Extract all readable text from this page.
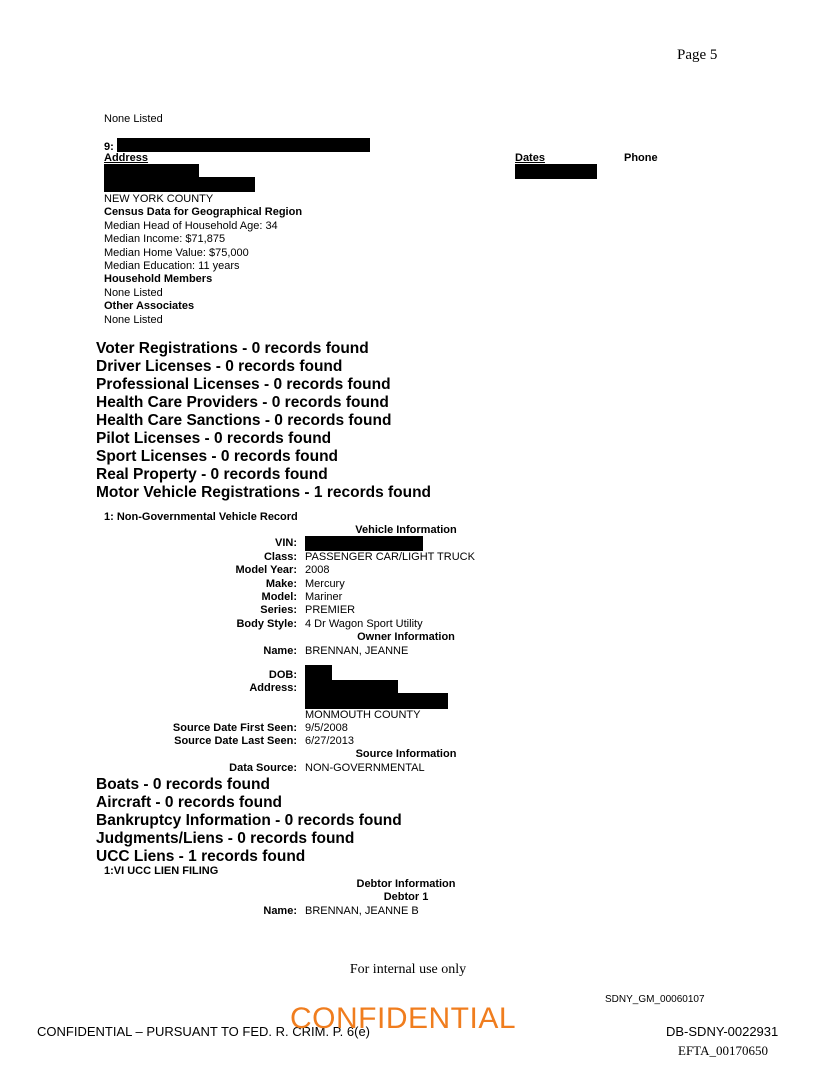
Page 5
None Listed
9:
Address	Dates	Phone
NEW YORK COUNTY
Census Data for Geographical Region
Median Head of Household Age: 34
Median Income: $71,875
Median Home Value: $75,000
Median Education: 11 years
Household Members
None Listed
Other Associates
None Listed
Voter Registrations - 0 records found
Driver Licenses - 0 records found
Professional Licenses - 0 records found
Health Care Providers - 0 records found
Health Care Sanctions - 0 records found
Pilot Licenses - 0 records found
Sport Licenses - 0 records found
Real Property - 0 records found
Motor Vehicle Registrations - 1 records found
1: Non-Governmental Vehicle Record
Vehicle Information
VIN:
Class: PASSENGER CAR/LIGHT TRUCK
Model Year: 2008
Make: Mercury
Model: Mariner
Series: PREMIER
Body Style: 4 Dr Wagon Sport Utility
Owner Information
Name: BRENNAN, JEANNE
DOB:
Address:
MONMOUTH COUNTY
Source Date First Seen: 9/5/2008
Source Date Last Seen: 6/27/2013
Source Information
Data Source: NON-GOVERNMENTAL
Boats - 0 records found
Aircraft - 0 records found
Bankruptcy Information - 0 records found
Judgments/Liens - 0 records found
UCC Liens - 1 records found
1:VI UCC LIEN FILING
Debtor Information
Debtor 1
Name: BRENNAN, JEANNE B
For internal use only
SDNY_GM_00060107
CONFIDENTIAL – PURSUANT TO FED. R. CRIM. P. 6(e)
CONFIDENTIAL	DB-SDNY-0022931
EFTA_00170650
